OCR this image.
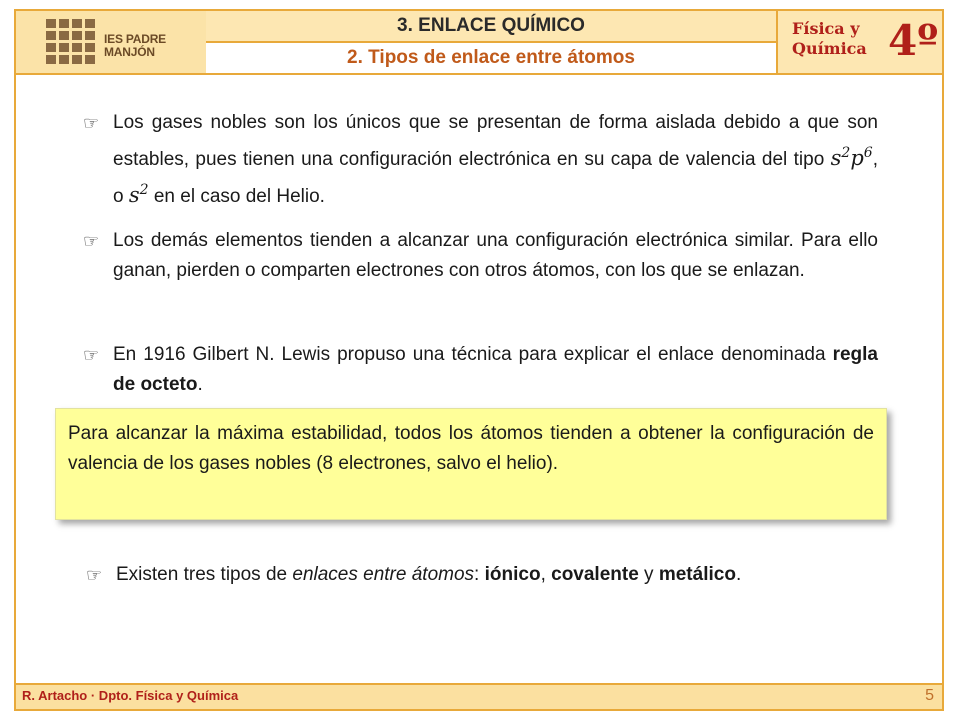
IES PADRE
MANJÓN
3. ENLACE QUÍMICO
2. Tipos de enlace entre átomos
Física y
Química 4º
☞ Los gases nobles son los únicos que se presentan de forma aislada debido a que son estables, pues tienen una configuración electrónica en su capa de valencia del tipo $s^2p^6$, o $s^2$ en el caso del Helio.
☞ Los demás elementos tienden a alcanzar una configuración electrónica similar. Para ello ganan, pierden o comparten electrones con otros átomos, con los que se enlazan.
☞ En 1916 Gilbert N. Lewis propuso una técnica para explicar el enlace denominada regla de octeto.
Para alcanzar la máxima estabilidad, todos los átomos tienden a obtener la configuración de valencia de los gases nobles (8 electrones, salvo el helio).
☞ Existen tres tipos de enlaces entre átomos: iónico, covalente y metálico.
R. Artacho · Dpto. Física y Química	5
